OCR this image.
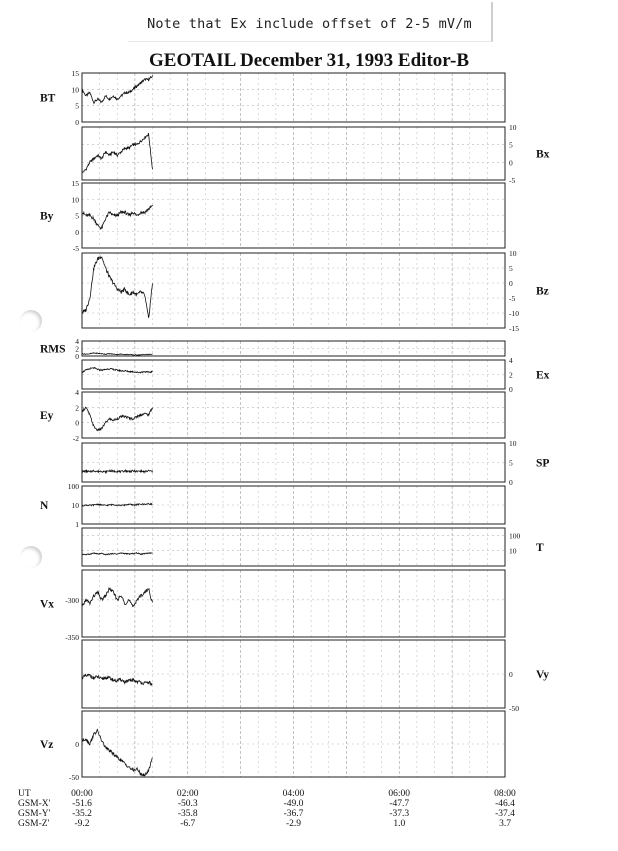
Note that Ex include offset of 2-5 mV/m
GEOTAIL December 31, 1993 Editor-B
15
10
5
0
BT
10
5
0
-5
Bx
15
10
5
0
-5
By
10
5
0
-5
-10
-15
Bz
4
2
0
RMS
4
2
0
Ex
4
2
0
-2
Ey
10
5
0
SP
100
10
1
N
100
10 T
-300
-350
Vx
0
-50
Vy
0
-50
Vz
UT
GSM-X'
GSM-Y'
GSM-Z'
00:00
-51.6
-35.2
-9.2
02:00
-50.3
-35.8
-6.7
04:00
-49.0
-36.7
-2.9
06:00
-47.7
-37.3
1.0
08:00
-46.4
-37.4
3.7
